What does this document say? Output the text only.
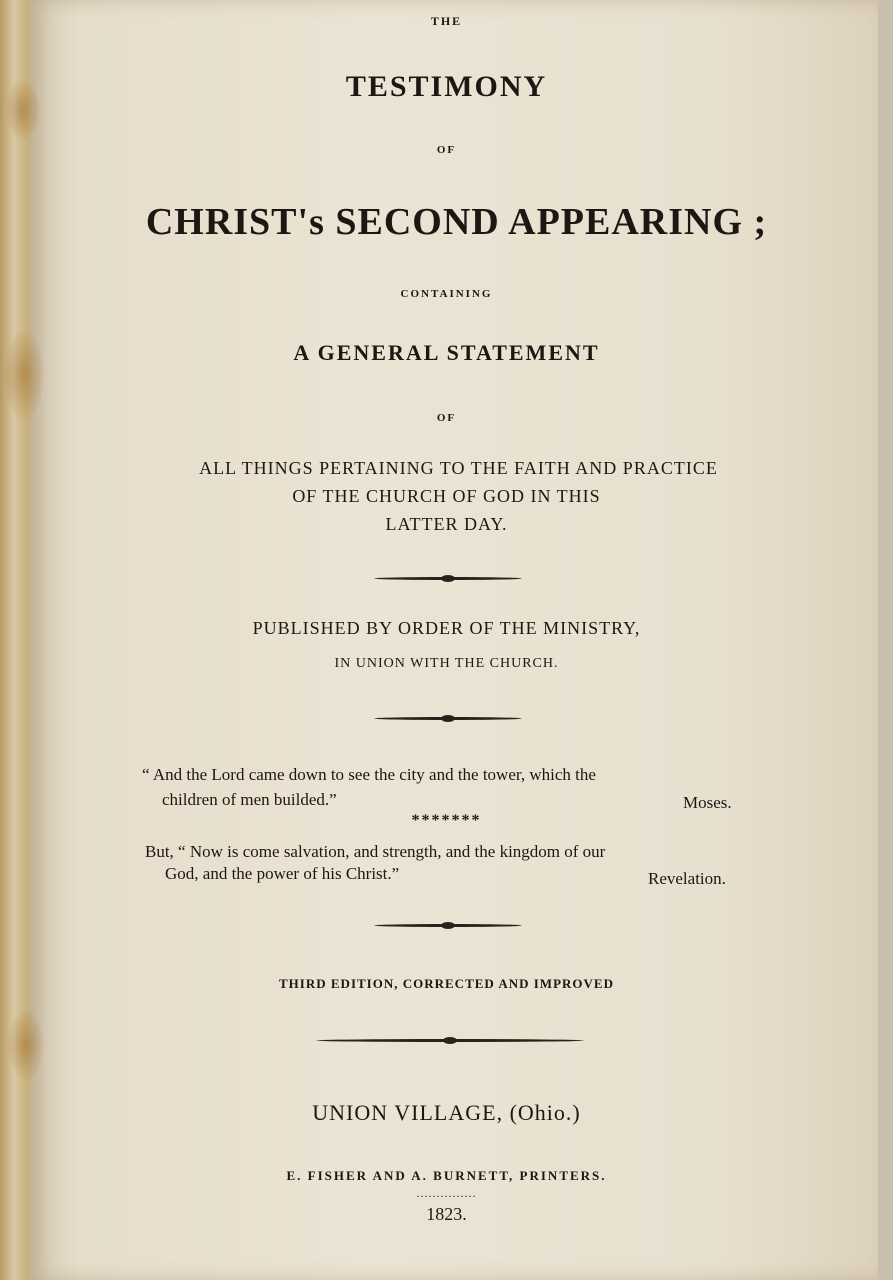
THE

TESTIMONY

OF

CHRIST's SECOND APPEARING ;

CONTAINING

A GENERAL STATEMENT

OF

ALL THINGS PERTAINING TO THE FAITH AND PRACTICE

OF THE CHURCH OF GOD IN THIS

LATTER DAY.

PUBLISHED BY ORDER OF THE MINISTRY,

IN UNION WITH THE CHURCH.

“ And the Lord came down to see the city and the tower, which the
children of men builded.”	Moses.

*******

But, “ Now is come salvation, and strength, and the kingdom of our
God, and the power of his Christ.”	Revelation.

THIRD EDITION, CORRECTED AND IMPROVED

UNION VILLAGE, (Ohio.)

E. FISHER AND A. BURNETT, PRINTERS.

...............

1823.
